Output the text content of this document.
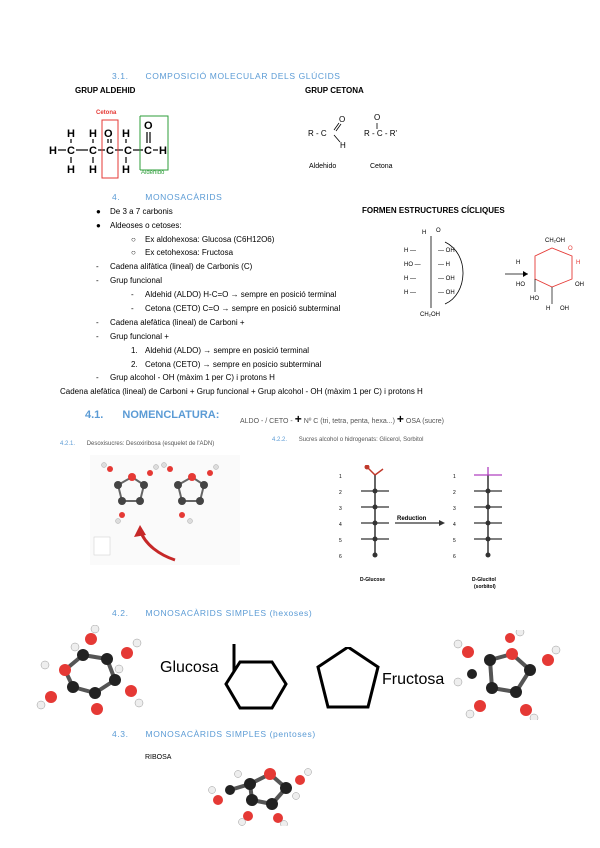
3.1. COMPOSICIÓ MOLECULAR DELS GLÚCIDS
GRUP ALDEHID	GRUP CETONA
H H O H
O
H C C C C C H
H H H
Cetona
Aldehido
R - C
O
H
R - C - R'
O
Aldehido	Cetona
4.	MONOSACÀRIDS
FORMEN ESTRUCTURES CÍCLIQUES
● De 3 a 7 carbonis
● Aldeoses o cetoses:
○ Ex aldohexosa: Glucosa (C6H12O6)
○ Ex cetohexosa: Fructosa
- Cadena alifàtica (lineal) de Carbonis (C)
- Grup funcional
- Aldehid (ALDO) H-C=O → sempre en posició terminal
- Cetona (CETO) C=O → sempre en posició subterminal
- Cadena alefàtica (lineal) de Carboni +
- Grup funcional +
1. Aldehid (ALDO) → sempre en posició terminal
2. Cetona (CETO) → sempre en posicio subterminal
- Grup alcohol - OH (màxim 1 per C) i protons H
Cadena alefàtica (lineal) de Carboni + Grup funcional + Grup alcohol - OH (màxim 1 per C) i protons H
H O
H —	— OH
HO —	— H
H —	— OH
H —	— OH
CH₂OH
CH₂OH
H
HO
HO
H
OH
OH
O
H
4.1. NOMENCLATURA:
ALDO - / CETO - + Nº C (tri, tetra, penta, hexa...) + OSA (sucre)
4.2.1. Desoxisucres: Desoxiribosa (esquelet de l'ADN)
4.2.2. Sucres alcohol o hidrogenats: Glicerol, Sorbitol
1
2
3
4
5
6
1
2
3
4
5
6
Reduction
D-Glucose	D-Glucitol
(sorbitol)
4.2. MONOSACÀRIDS SIMPLES (hexoses)
Glucosa
Fructosa
4.3. MONOSACÀRIDS SIMPLES (pentoses)
RIBOSA
